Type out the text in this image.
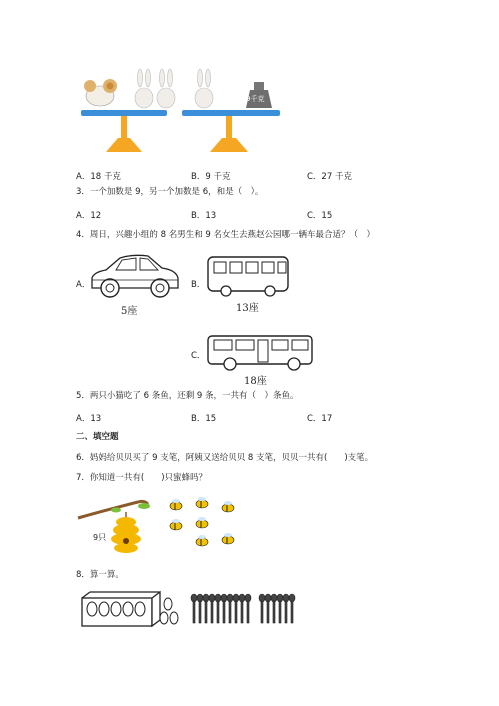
9千克
A．18 千克	B．9 千克	C．27 千克
3．一个加数是 9，另一个加数是 6，和是（　）。
A．12	B．13	C．15
4．周日，兴趣小组的 8 名男生和 9 名女生去燕赵公园哪一辆车最合适？（　）
A．
5座
B．
13座
C．
18座
5．两只小猫吃了 6 条鱼，还剩 9 条，一共有（　）条鱼。
A．13	B．15	C．17
二、填空题
6．妈妈给贝贝买了 9 支笔，阿姨又送给贝贝 8 支笔，贝贝一共有(　　)支笔。
7．你知道一共有(　　)只蜜蜂吗？
9只
8．算一算。
